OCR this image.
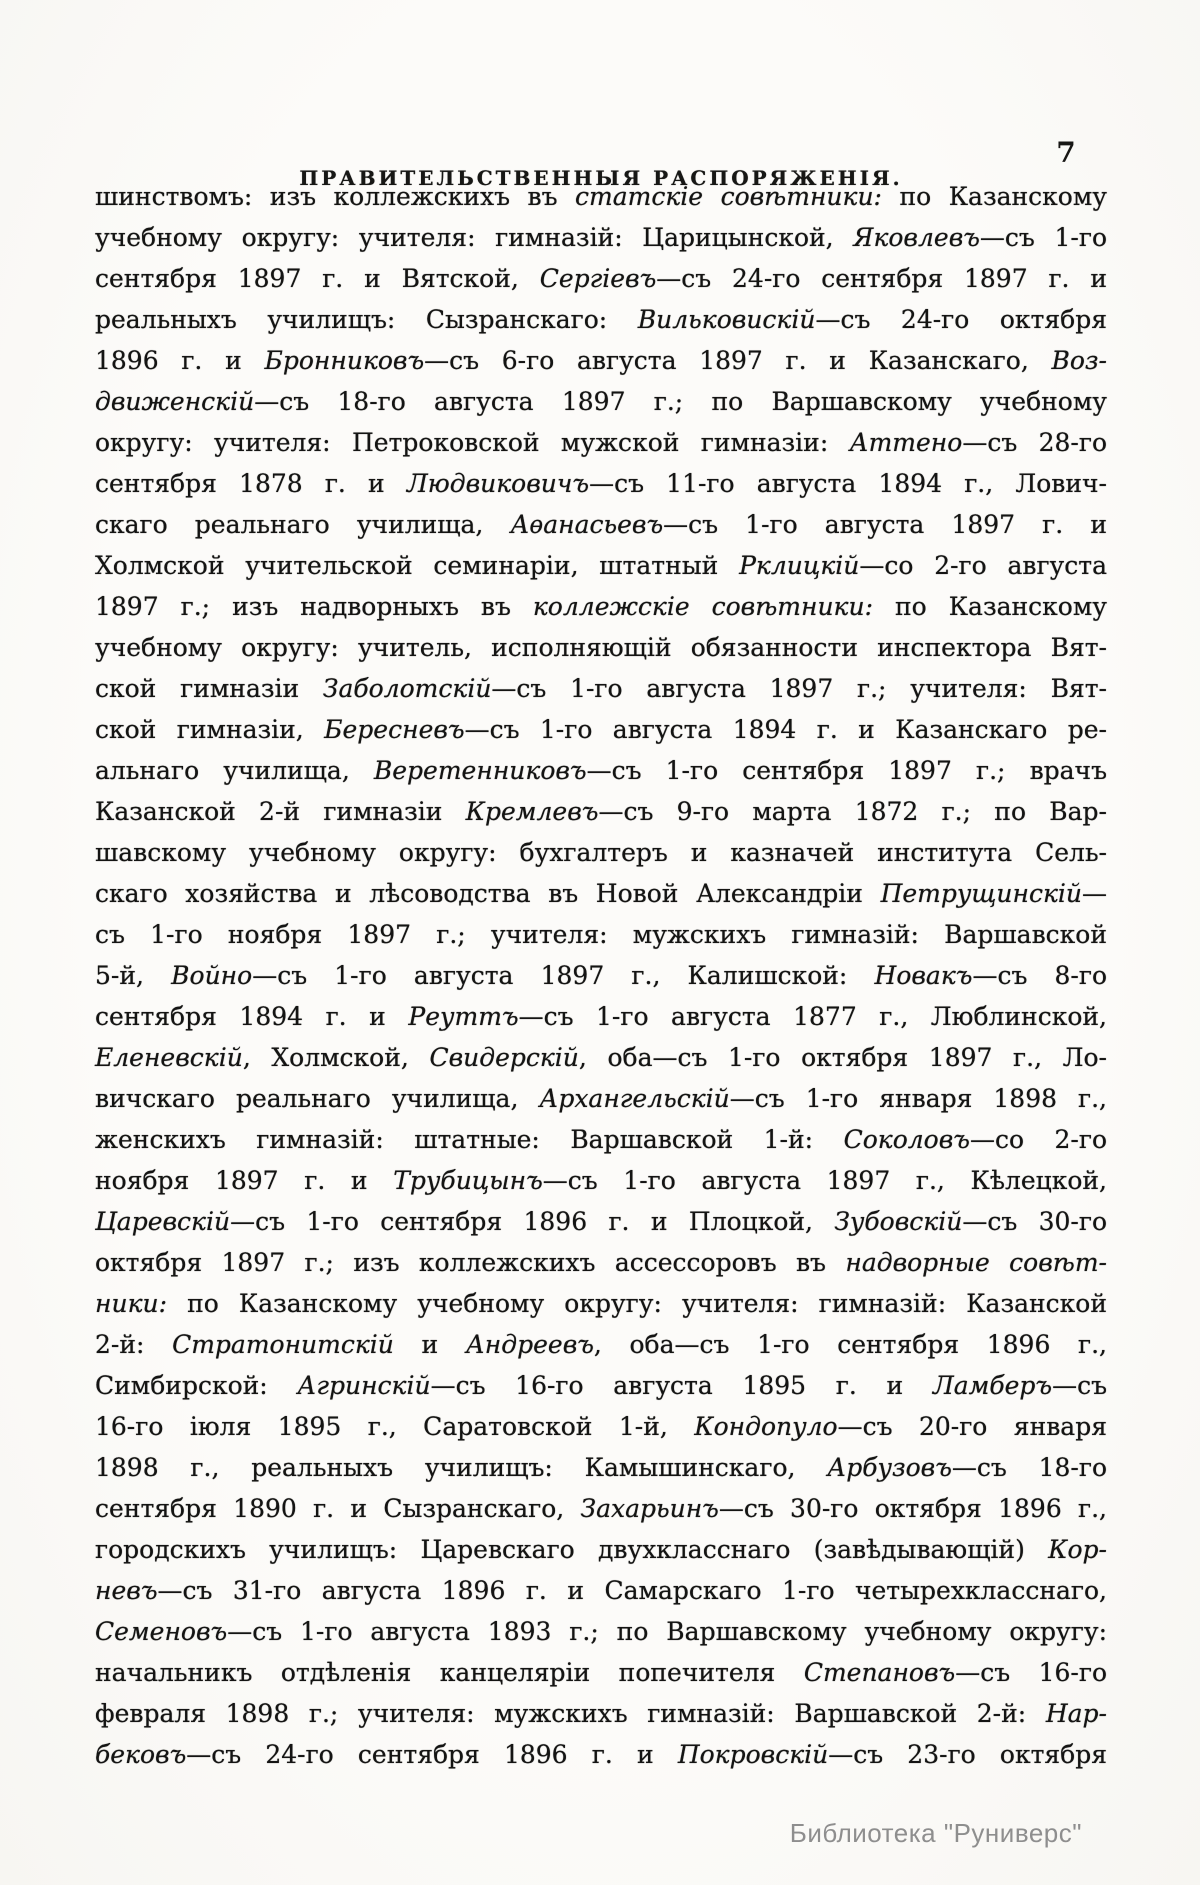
ПРАВИТЕЛЬСТВЕННЫЯ РАСПОРЯЖЕНІЯ.
7
шинствомъ: изъ коллежскихъ въ статскіе совѣтники: по Казанскому
учебному округу: учителя: гимназій: Царицынской, Яковлевъ—съ 1-го
сентября 1897 г. и Вятской, Сергіевъ—съ 24-го сентября 1897 г. и
реальныхъ училищъ: Сызранскаго: Вильковискій—съ 24-го октября
1896 г. и Бронниковъ—съ 6-го августа 1897 г. и Казанскаго, Воз-
движенскій—съ 18-го августа 1897 г.; по Варшавскому учебному
округу: учителя: Петроковской мужской гимназіи: Аттено—съ 28-го
сентября 1878 г. и Людвиковичъ—съ 11-го августа 1894 г., Лович-
скаго реальнаго училища, Аѳанасьевъ—съ 1-го августа 1897 г. и
Холмской учительской семинаріи, штатный Рклицкій—со 2-го августа
1897 г.; изъ надворныхъ въ коллежскіе совѣтники: по Казанскому
учебному округу: учитель, исполняющій обязанности инспектора Вят-
ской гимназіи Заболотскій—съ 1-го августа 1897 г.; учителя: Вят-
ской гимназіи, Бересневъ—съ 1-го августа 1894 г. и Казанскаго ре-
альнаго училища, Веретенниковъ—съ 1-го сентября 1897 г.; врачъ
Казанской 2-й гимназіи Кремлевъ—съ 9-го марта 1872 г.; по Вар-
шавскому учебному округу: бухгалтеръ и казначей института Сель-
скаго хозяйства и лѣсоводства въ Новой Александріи Петрущинскій—
съ 1-го ноября 1897 г.; учителя: мужскихъ гимназій: Варшавской
5-й, Войно—съ 1-го августа 1897 г., Калишской: Новакъ—съ 8-го
сентября 1894 г. и Реуттъ—съ 1-го августа 1877 г., Люблинской,
Еленевскій, Холмской, Свидерскій, оба—съ 1-го октября 1897 г., Ло-
вичскаго реальнаго училища, Архангельскій—съ 1-го января 1898 г.,
женскихъ гимназій: штатные: Варшавской 1-й: Соколовъ—со 2-го
ноября 1897 г. и Трубицынъ—съ 1-го августа 1897 г., Кѣлецкой,
Царевскій—съ 1-го сентября 1896 г. и Плоцкой, Зубовскій—съ 30-го
октября 1897 г.; изъ коллежскихъ ассессоровъ въ надворные совѣт-
ники: по Казанскому учебному округу: учителя: гимназій: Казанской
2-й: Стратонитскій и Андреевъ, оба—съ 1-го сентября 1896 г.,
Симбирской: Агринскій—съ 16-го августа 1895 г. и Ламберъ—съ
16-го іюля 1895 г., Саратовской 1-й, Кондопуло—съ 20-го января
1898 г., реальныхъ училищъ: Камышинскаго, Арбузовъ—съ 18-го
сентября 1890 г. и Сызранскаго, Захарьинъ—съ 30-го октября 1896 г.,
городскихъ училищъ: Царевскаго двухкласснаго (завѣдывающій) Кор-
невъ—съ 31-го августа 1896 г. и Самарскаго 1-го четырехкласснаго,
Семеновъ—съ 1-го августа 1893 г.; по Варшавскому учебному округу:
начальникъ отдѣленія канцеляріи попечителя Степановъ—съ 16-го
февраля 1898 г.; учителя: мужскихъ гимназій: Варшавской 2-й: Нар-
бековъ—съ 24-го сентября 1896 г. и Покровскій—съ 23-го октября
Библиотека "Руниверс"
